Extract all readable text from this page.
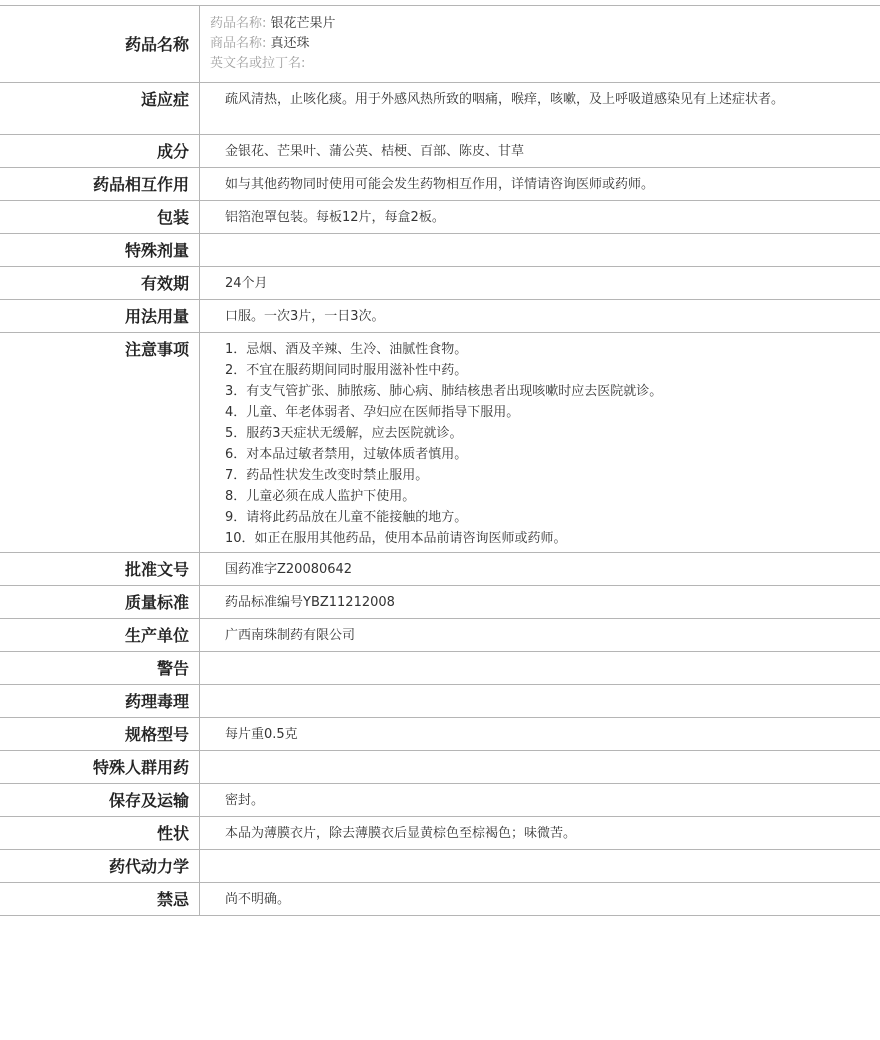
药品名称
药品名称: 银花芒果片
商品名称: 真还珠
英文名或拉丁名:
适应症	疏风清热，止咳化痰。用于外感风热所致的咽痛，喉痒，咳嗽，及上呼吸道感染见有上述症状者。
成分	金银花、芒果叶、蒲公英、桔梗、百部、陈皮、甘草
药品相互作用	如与其他药物同时使用可能会发生药物相互作用，详情请咨询医师或药师。
包装	铝箔泡罩包装。每板12片，每盒2板。
特殊剂量
有效期	24个月
用法用量	口服。一次3片，一日3次。
注意事项	1．忌烟、酒及辛辣、生冷、油腻性食物。
2．不宜在服药期间同时服用滋补性中药。
3．有支气管扩张、肺脓疡、肺心病、肺结核患者出现咳嗽时应去医院就诊。
4．儿童、年老体弱者、孕妇应在医师指导下服用。
5．服药3天症状无缓解，应去医院就诊。
6．对本品过敏者禁用，过敏体质者慎用。
7．药品性状发生改变时禁止服用。
8．儿童必须在成人监护下使用。
9．请将此药品放在儿童不能接触的地方。
10．如正在服用其他药品，使用本品前请咨询医师或药师。
批准文号	国药准字Z20080642
质量标准	药品标准编号YBZ11212008
生产单位	广西南珠制药有限公司
警告
药理毒理
规格型号	每片重0.5克
特殊人群用药
保存及运输	密封。
性状	本品为薄膜衣片，除去薄膜衣后显黄棕色至棕褐色；味微苦。
药代动力学
禁忌	尚不明确。
